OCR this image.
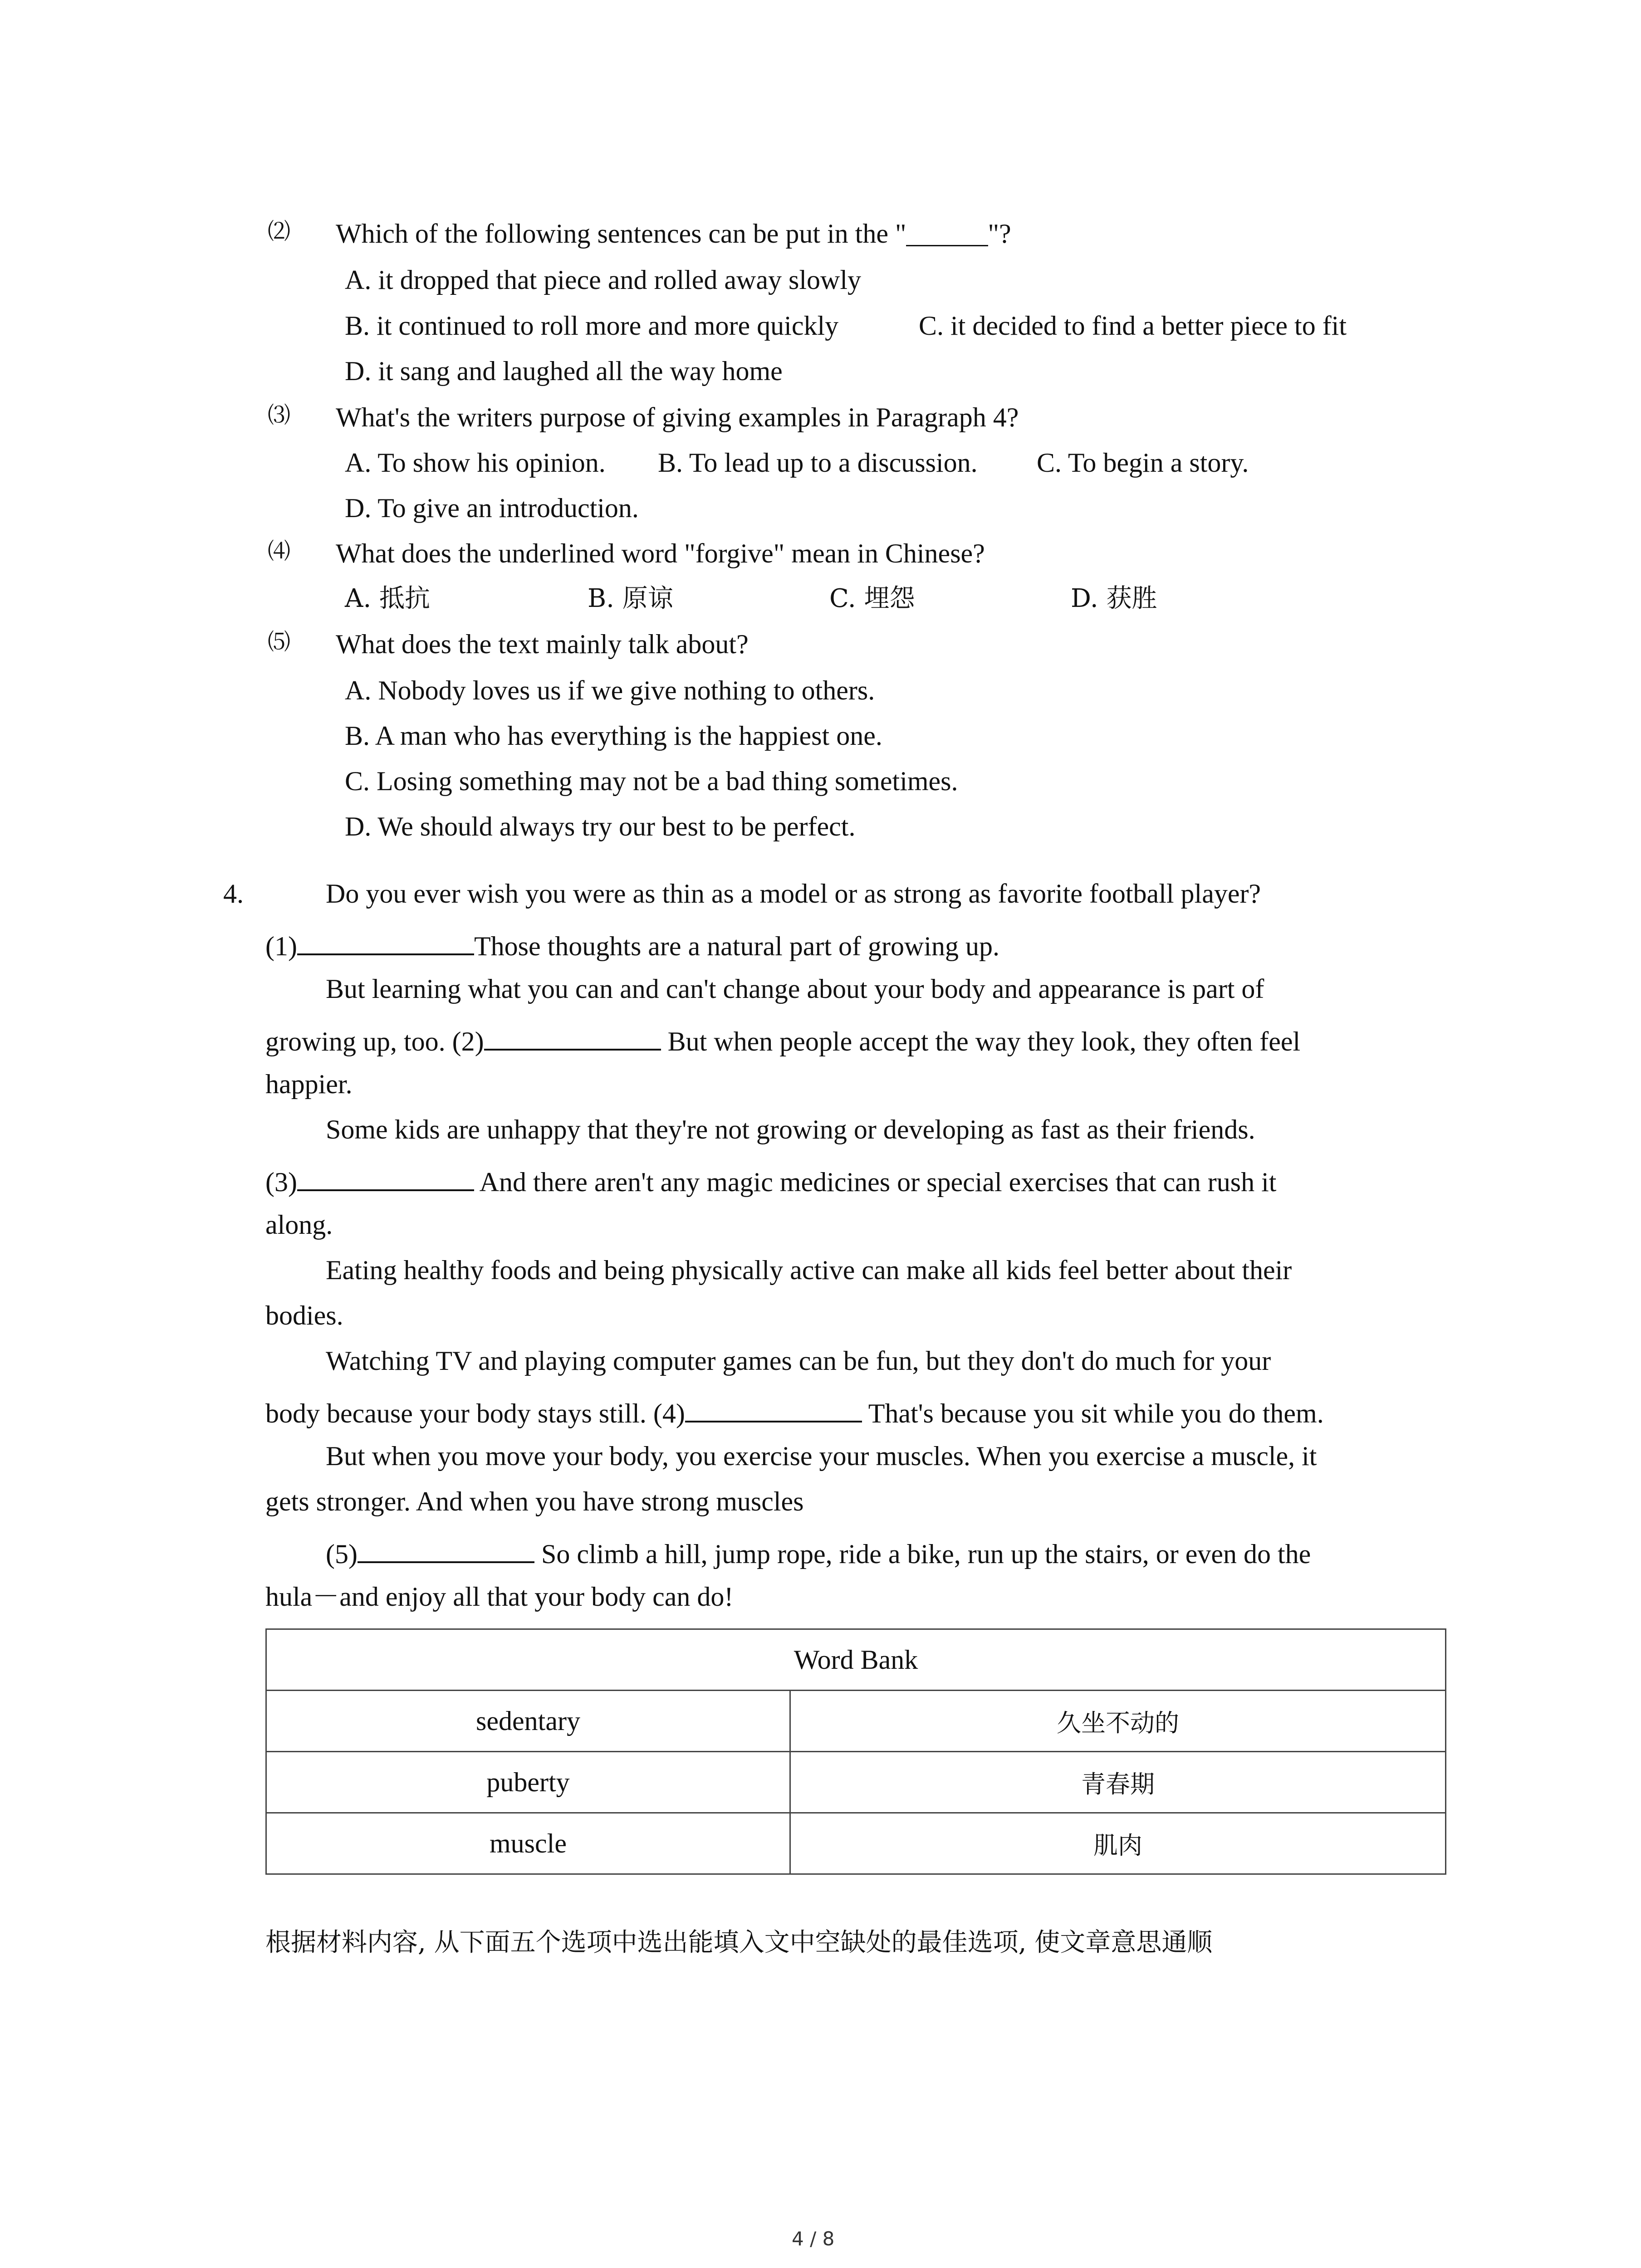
⑵ Which of the following sentences can be put in the "______"?
A. it dropped that piece and rolled away slowly
B. it continued to roll more and more quickly	C. it decided to find a better piece to fit
D. it sang and laughed all the way home
⑶ What's the writers purpose of giving examples in Paragraph 4?
A. To show his opinion. B. To lead up to a discussion. C. To begin a story.
D. To give an introduction.
⑷ What does the underlined word "forgive" mean in Chinese?
A. 抵抗	B. 原谅	C. 埋怨	D. 获胜
⑸ What does the text mainly talk about?
A. Nobody loves us if we give nothing to others.
B. A man who has everything is the happiest one.
C. Losing something may not be a bad thing sometimes.
D. We should always try our best to be perfect.
4.	Do you ever wish you were as thin as a model or as strong as favorite football player?
(1)	Those thoughts are a natural part of growing up.
But learning what you can and can't change about your body and appearance is part of
growing up, too. (2)	But when people accept the way they look, they often feel
happier.
Some kids are unhappy that they're not growing or developing as fast as their friends.
(3)	And there aren't any magic medicines or special exercises that can rush it
along.
Eating healthy foods and being physically active can make all kids feel better about their
bodies.
Watching TV and playing computer games can be fun, but they don't do much for your
body because your body stays still. (4)	That's because you sit while you do them.
But when you move your body, you exercise your muscles. When you exercise a muscle, it
gets stronger. And when you have strong muscles
(5)	So climb a hill, jump rope, ride a bike, run up the stairs, or even do the
hula－and enjoy all that your body can do!
Word Bank	
sedentary	久坐不动的
puberty	青春期
muscle	肌肉
根据材料内容, 从下面五个选项中选出能填入文中空缺处的最佳选项, 使文章意思通顺
4 / 8
